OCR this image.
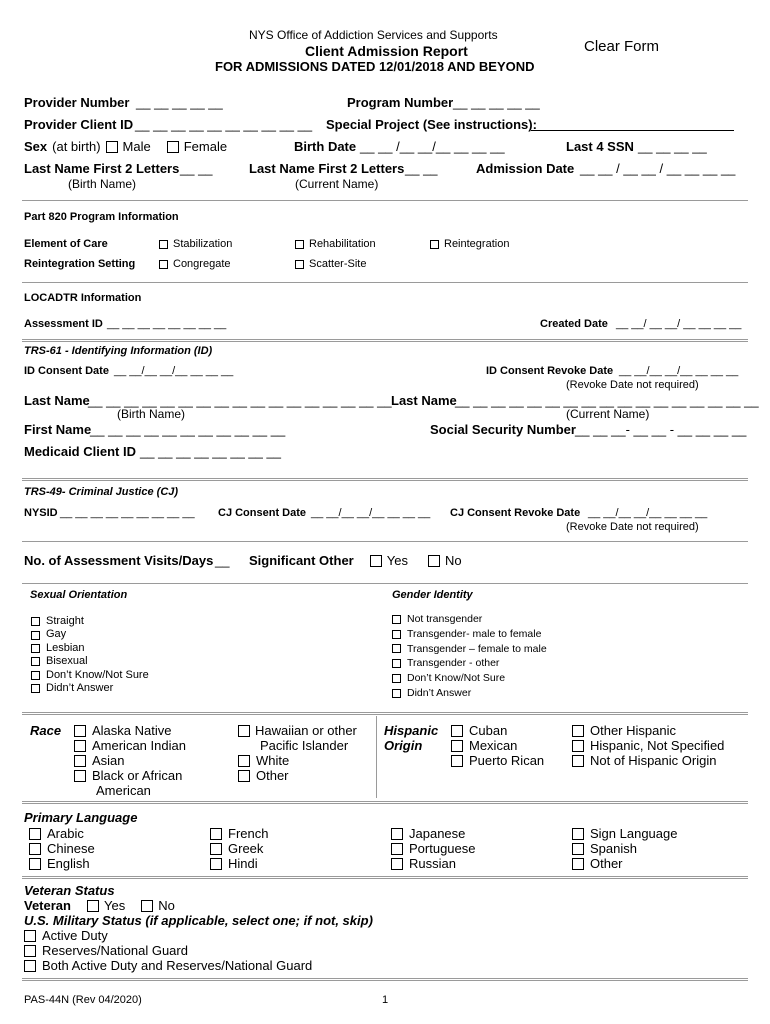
NYS Office of Addiction Services and Supports
Client Admission Report
FOR ADMISSIONS DATED 12/01/2018 AND BEYOND
Clear Form
Provider Number __ __ __ __ __	Program Number __ __ __ __ __
Provider Client ID __ __ __ __ __ __ __ __ __ __ Special Project (See instructions):
Sex (at birth) Male	Female	Birth Date __ __ /__ __/__ __ __ __	Last 4 SSN __ __ __ __
Last Name First 2 Letters __ __
(Birth Name)
Last Name First 2 Letters __ __
(Current Name)
Admission Date __ __ / __ __ / __ __ __ __
Part 820 Program Information
Element of Care	Stabilization	Rehabilitation	Reintegration
Reintegration Setting	Congregate	Scatter-Site
LOCADTR Information
Assessment ID __ __ __ __ __ __ __ __	Created Date __ __/ __ __/ __ __ __ __
TRS-61 - Identifying Information (ID)
ID Consent Date __ __/__ __/__ __ __ __	ID Consent Revoke Date __ __/__ __/__ __ __ __
(Revoke Date not required)
Last Name
__ __ __ __ __ __ __ __ __ __ __ __ __ __ __ __ __
(Birth Name)
Last Name
__ __ __ __ __ __ __ __ __ __ __ __ __ __ __ __ __
(Current Name)
First Name
__ __ __ __ __ __ __ __ __ __ __	Social Security Number __ __ __- __ __ - __ __ __ __
Medicaid Client ID __ __ __ __ __ __ __ __
TRS-49- Criminal Justice (CJ)
NYSID __ __ __ __ __ __ __ __ __ CJ Consent Date __ __/__ __/__ __ __ __ CJ Consent Revoke Date __ __/__ __/__ __ __ __
(Revoke Date not required)
No. of Assessment Visits/Days __ Significant Other	Yes	No
Sexual Orientation
Straight
Gay
Lesbian
Bisexual
Don’t Know/Not Sure
Didn’t Answer
Gender Identity
Not transgender
Transgender- male to female
Transgender – female to male
Transgender - other
Don’t Know/Not Sure
Didn’t Answer
Race Alaska Native
American Indian
Asian
Black or African
American
Hawaiian or other
Pacific Islander
White
Other
Hispanic
Origin
Cuban
Mexican
Puerto Rican
Other Hispanic
Hispanic, Not Specified
Not of Hispanic Origin
Primary Language
Arabic
Chinese
English
French
Greek
Hindi
Japanese
Portuguese
Russian
Sign Language
Spanish
Other
Veteran Status
Veteran	Yes	No
U.S. Military Status (if applicable, select one; if not, skip)
Active Duty
Reserves/National Guard
Both Active Duty and Reserves/National Guard
PAS-44N (Rev 04/2020)	1
